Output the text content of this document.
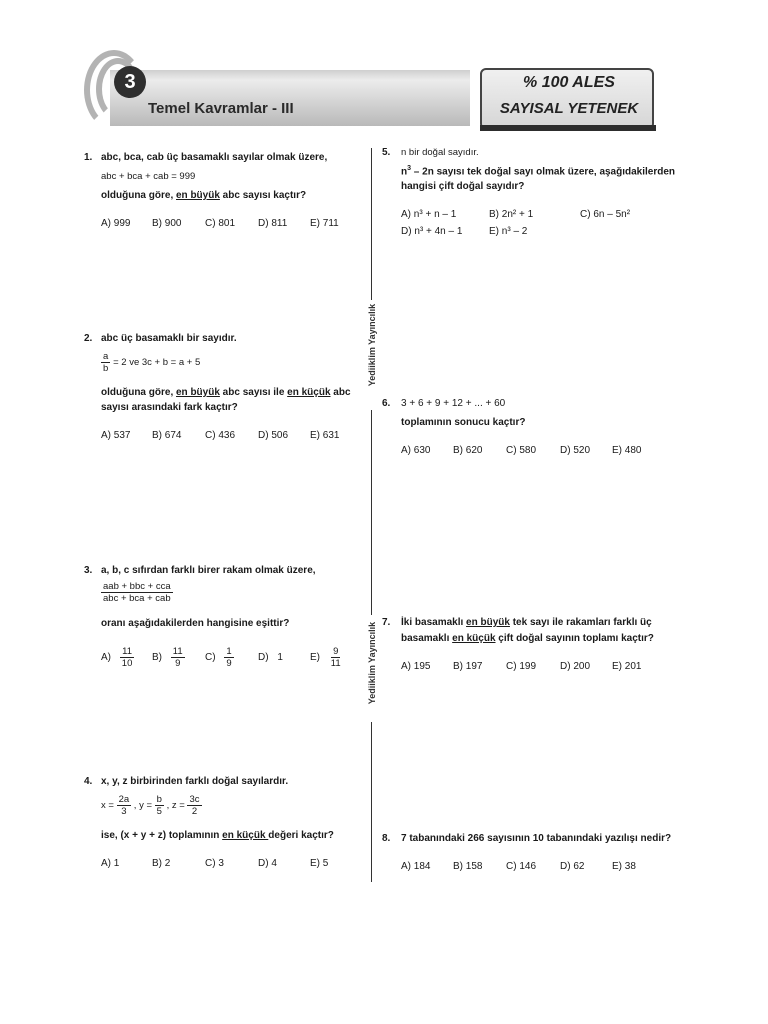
3
Temel Kavramlar - III
% 100 ALES
SAYISAL YETENEK
Yediiklim Yayıncılık
Yediiklim Yayıncılık
1. abc, bca, cab üç basamaklı sayılar olmak üzere,
abc + bca + cab = 999
olduğuna göre, en büyük abc sayısı kaçtır?
A) 999 B) 900 C) 801 D) 811 E) 711
2. abc üç basamaklı bir sayıdır.
$\frac{a}{b} = 2$ ve 3c + b = a + 5
olduğuna göre, en büyük abc sayısı ile en küçük abc
sayısı arasındaki fark kaçtır?
A) 537 B) 674 C) 436 D) 506 E) 631
3. a, b, c sıfırdan farklı birer rakam olmak üzere,
$\frac{\text{aab + bbc + cca}}{\text{abc + bca + cab}}$
oranı aşağıdakilerden hangisine eşittir?
$A) \frac{11}{10} B) \frac{11}{9} C) \frac{1}{9} D$) 1	$E) \frac{9}{11}$
4. x, y, z birbirinden farklı doğal sayılardır.
$x = \frac{2a}{3}$ , $y = \frac{b}{5}$ , $z = \frac{3c}{2}$
ise, (x + y + z) toplamının en küçük değeri kaçtır?
A) 1	B) 2	C) 3	D) 4	E) 5
5. n bir doğal sayıdır.
$n^3 - 2n$ sayısı tek doğal sayı olmak üzere, aşağıdakilerden
hangisi çift doğal sayıdır?
A) n³ + n – 1	B) 2n² + 1	C) 6n – 5n²
D) n³ + 4n – 1	E) n³ – 2
6. 3 + 6 + 9 + 12 + ... + 60
toplamının sonucu kaçtır?
A) 630 B) 620 C) 580 D) 520 E) 480
7. İki basamaklı en büyük tek sayı ile rakamları farklı üç
basamaklı en küçük çift doğal sayının toplamı kaçtır?
A) 195 B) 197 C) 199 D) 200 E) 201
8. 7 tabanındaki 266 sayısının 10 tabanındaki yazılışı nedir?
A) 184 B) 158 C) 146 D) 62	E) 38
